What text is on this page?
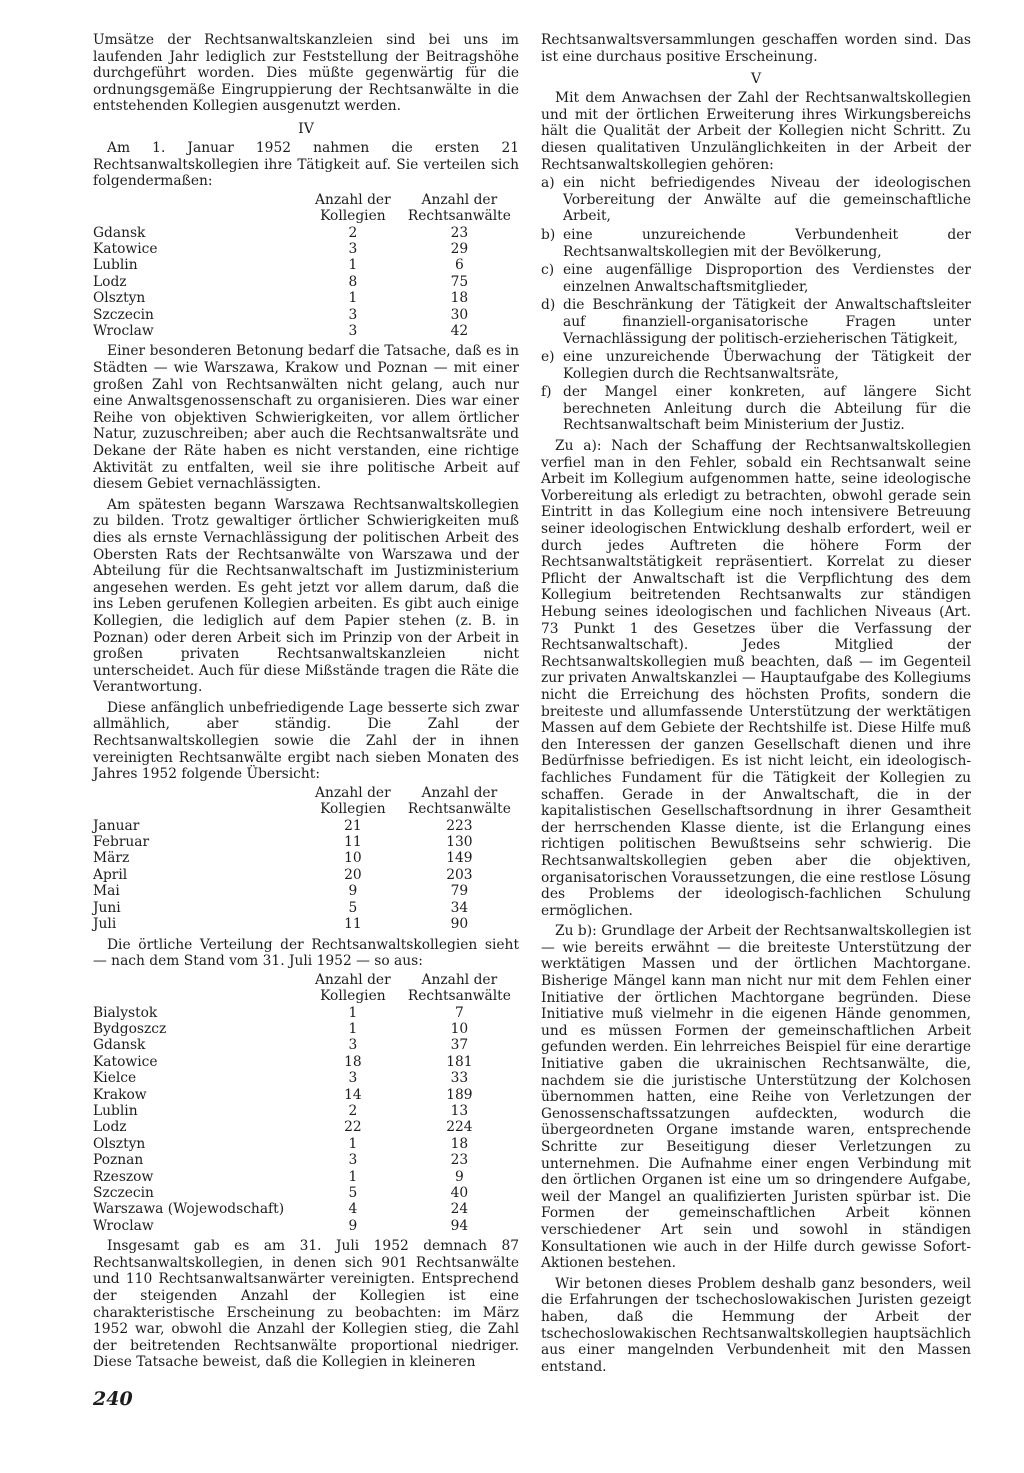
Umsätze der Rechtsanwaltskanzleien sind bei uns im laufenden Jahr lediglich zur Feststellung der Beitragshöhe durchgeführt worden. Dies müßte gegenwärtig für die ordnungsgemäße Eingruppierung der Rechtsanwälte in die entstehenden Kollegien ausgenutzt werden.

IV

Am 1. Januar 1952 nahmen die ersten 21 Rechtsanwaltskollegien ihre Tätigkeit auf. Sie verteilen sich folgendermaßen:

	Anzahl der Kollegien	Anzahl der Rechtsanwälte
Gdansk	2	23
Katowice	3	29
Lublin	1	6
Lodz	8	75
Olsztyn	1	18
Szczecin	3	30
Wroclaw	3	42

Einer besonderen Betonung bedarf die Tatsache, daß es in Städten — wie Warszawa, Krakow und Poznan — mit einer großen Zahl von Rechtsanwälten nicht gelang, auch nur eine Anwaltsgenossenschaft zu organisieren. Dies war einer Reihe von objektiven Schwierigkeiten, vor allem örtlicher Natur, zuzuschreiben; aber auch die Rechtsanwaltsräte und Dekane der Räte haben es nicht verstanden, eine richtige Aktivität zu entfalten, weil sie ihre politische Arbeit auf diesem Gebiet vernachlässigten.

Am spätesten begann Warszawa Rechtsanwaltskollegien zu bilden. Trotz gewaltiger örtlicher Schwierigkeiten muß dies als ernste Vernachlässigung der politischen Arbeit des Obersten Rats der Rechtsanwälte von Warszawa und der Abteilung für die Rechtsanwaltschaft im Justizministerium angesehen werden. Es geht jetzt vor allem darum, daß die ins Leben gerufenen Kollegien arbeiten. Es gibt auch einige Kollegien, die lediglich auf dem Papier stehen (z. B. in Poznan) oder deren Arbeit sich im Prinzip von der Arbeit in großen privaten Rechtsanwaltskanzleien nicht unterscheidet. Auch für diese Mißstände tragen die Räte die Verantwortung.

Diese anfänglich unbefriedigende Lage besserte sich zwar allmählich, aber ständig. Die Zahl der Rechtsanwaltskollegien sowie die Zahl der in ihnen vereinigten Rechtsanwälte ergibt nach sieben Monaten des Jahres 1952 folgende Übersicht:

	Anzahl der Kollegien	Anzahl der Rechtsanwälte
Januar	21	223
Februar	11	130
März	10	149
April	20	203
Mai	9	79
Juni	5	34
Juli	11	90

Die örtliche Verteilung der Rechtsanwaltskollegien sieht — nach dem Stand vom 31. Juli 1952 — so aus:

	Anzahl der Kollegien	Anzahl der Rechtsanwälte
Bialystok	1	7
Bydgoszcz	1	10
Gdansk	3	37
Katowice	18	181
Kielce	3	33
Krakow	14	189
Lublin	2	13
Lodz	22	224
Olsztyn	1	18
Poznan	3	23
Rzeszow	1	9
Szczecin	5	40
Warszawa (Wojewodschaft)	4	24
Wroclaw	9	94

Insgesamt gab es am 31. Juli 1952 demnach 87 Rechtsanwaltskollegien, in denen sich 901 Rechtsanwälte und 110 Rechtsanwaltsanwärter vereinigten. Entsprechend der steigenden Anzahl der Kollegien ist eine charakteristische Erscheinung zu beobachten: im März 1952 war, obwohl die Anzahl der Kollegien stieg, die Zahl der beitretenden Rechtsanwälte proportional niedriger. Diese Tatsache beweist, daß die Kollegien in kleineren

Rechtsanwaltsversammlungen geschaffen worden sind. Das ist eine durchaus positive Erscheinung.

V

Mit dem Anwachsen der Zahl der Rechtsanwaltskollegien und mit der örtlichen Erweiterung ihres Wirkungsbereichs hält die Qualität der Arbeit der Kollegien nicht Schritt. Zu diesen qualitativen Unzulänglichkeiten in der Arbeit der Rechtsanwaltskollegien gehören:

a) ein nicht befriedigendes Niveau der ideologischen Vorbereitung der Anwälte auf die gemeinschaftliche Arbeit,
b) eine unzureichende Verbundenheit der Rechtsanwaltskollegien mit der Bevölkerung,
c) eine augenfällige Disproportion des Verdienstes der einzelnen Anwaltschaftsmitglieder,
d) die Beschränkung der Tätigkeit der Anwaltschaftsleiter auf finanziell-organisatorische Fragen unter Vernachlässigung der politisch-erzieherischen Tätigkeit,
e) eine unzureichende Überwachung der Tätigkeit der Kollegien durch die Rechtsanwaltsräte,
f) der Mangel einer konkreten, auf längere Sicht berechneten Anleitung durch die Abteilung für die Rechtsanwaltschaft beim Ministerium der Justiz.

Zu a): Nach der Schaffung der Rechtsanwaltskollegien verfiel man in den Fehler, sobald ein Rechtsanwalt seine Arbeit im Kollegium aufgenommen hatte, seine ideologische Vorbereitung als erledigt zu betrachten, obwohl gerade sein Eintritt in das Kollegium eine noch intensivere Betreuung seiner ideologischen Entwicklung deshalb erfordert, weil er durch jedes Auftreten die höhere Form der Rechtsanwaltstätigkeit repräsentiert. Korrelat zu dieser Pflicht der Anwaltschaft ist die Verpflichtung des dem Kollegium beitretenden Rechtsanwalts zur ständigen Hebung seines ideologischen und fachlichen Niveaus (Art. 73 Punkt 1 des Gesetzes über die Verfassung der Rechtsanwaltschaft). Jedes Mitglied der Rechtsanwaltskollegien muß beachten, daß — im Gegenteil zur privaten Anwaltskanzlei — Hauptaufgabe des Kollegiums nicht die Erreichung des höchsten Profits, sondern die breiteste und allumfassende Unterstützung der werktätigen Massen auf dem Gebiete der Rechtshilfe ist. Diese Hilfe muß den Interessen der ganzen Gesellschaft dienen und ihre Bedürfnisse befriedigen. Es ist nicht leicht, ein ideologisch-fachliches Fundament für die Tätigkeit der Kollegien zu schaffen. Gerade in der Anwaltschaft, die in der kapitalistischen Gesellschaftsordnung in ihrer Gesamtheit der herrschenden Klasse diente, ist die Erlangung eines richtigen politischen Bewußtseins sehr schwierig. Die Rechtsanwaltskollegien geben aber die objektiven, organisatorischen Voraussetzungen, die eine restlose Lösung des Problems der ideologisch-fachlichen Schulung ermöglichen.

Zu b): Grundlage der Arbeit der Rechtsanwaltskollegien ist — wie bereits erwähnt — die breiteste Unterstützung der werktätigen Massen und der örtlichen Machtorgane. Bisherige Mängel kann man nicht nur mit dem Fehlen einer Initiative der örtlichen Machtorgane begründen. Diese Initiative muß vielmehr in die eigenen Hände genommen, und es müssen Formen der gemeinschaftlichen Arbeit gefunden werden. Ein lehrreiches Beispiel für eine derartige Initiative gaben die ukrainischen Rechtsanwälte, die, nachdem sie die juristische Unterstützung der Kolchosen übernommen hatten, eine Reihe von Verletzungen der Genossenschaftssatzungen aufdeckten, wodurch die übergeordneten Organe imstande waren, entsprechende Schritte zur Beseitigung dieser Verletzungen zu unternehmen. Die Aufnahme einer engen Verbindung mit den örtlichen Organen ist eine um so dringendere Aufgabe, weil der Mangel an qualifizierten Juristen spürbar ist. Die Formen der gemeinschaftlichen Arbeit können verschiedener Art sein und sowohl in ständigen Konsultationen wie auch in der Hilfe durch gewisse Sofort-Aktionen bestehen.

Wir betonen dieses Problem deshalb ganz besonders, weil die Erfahrungen der tschechoslowakischen Juristen gezeigt haben, daß die Hemmung der Arbeit der tschechoslowakischen Rechtsanwaltskollegien hauptsächlich aus einer mangelnden Verbundenheit mit den Massen entstand.

240
